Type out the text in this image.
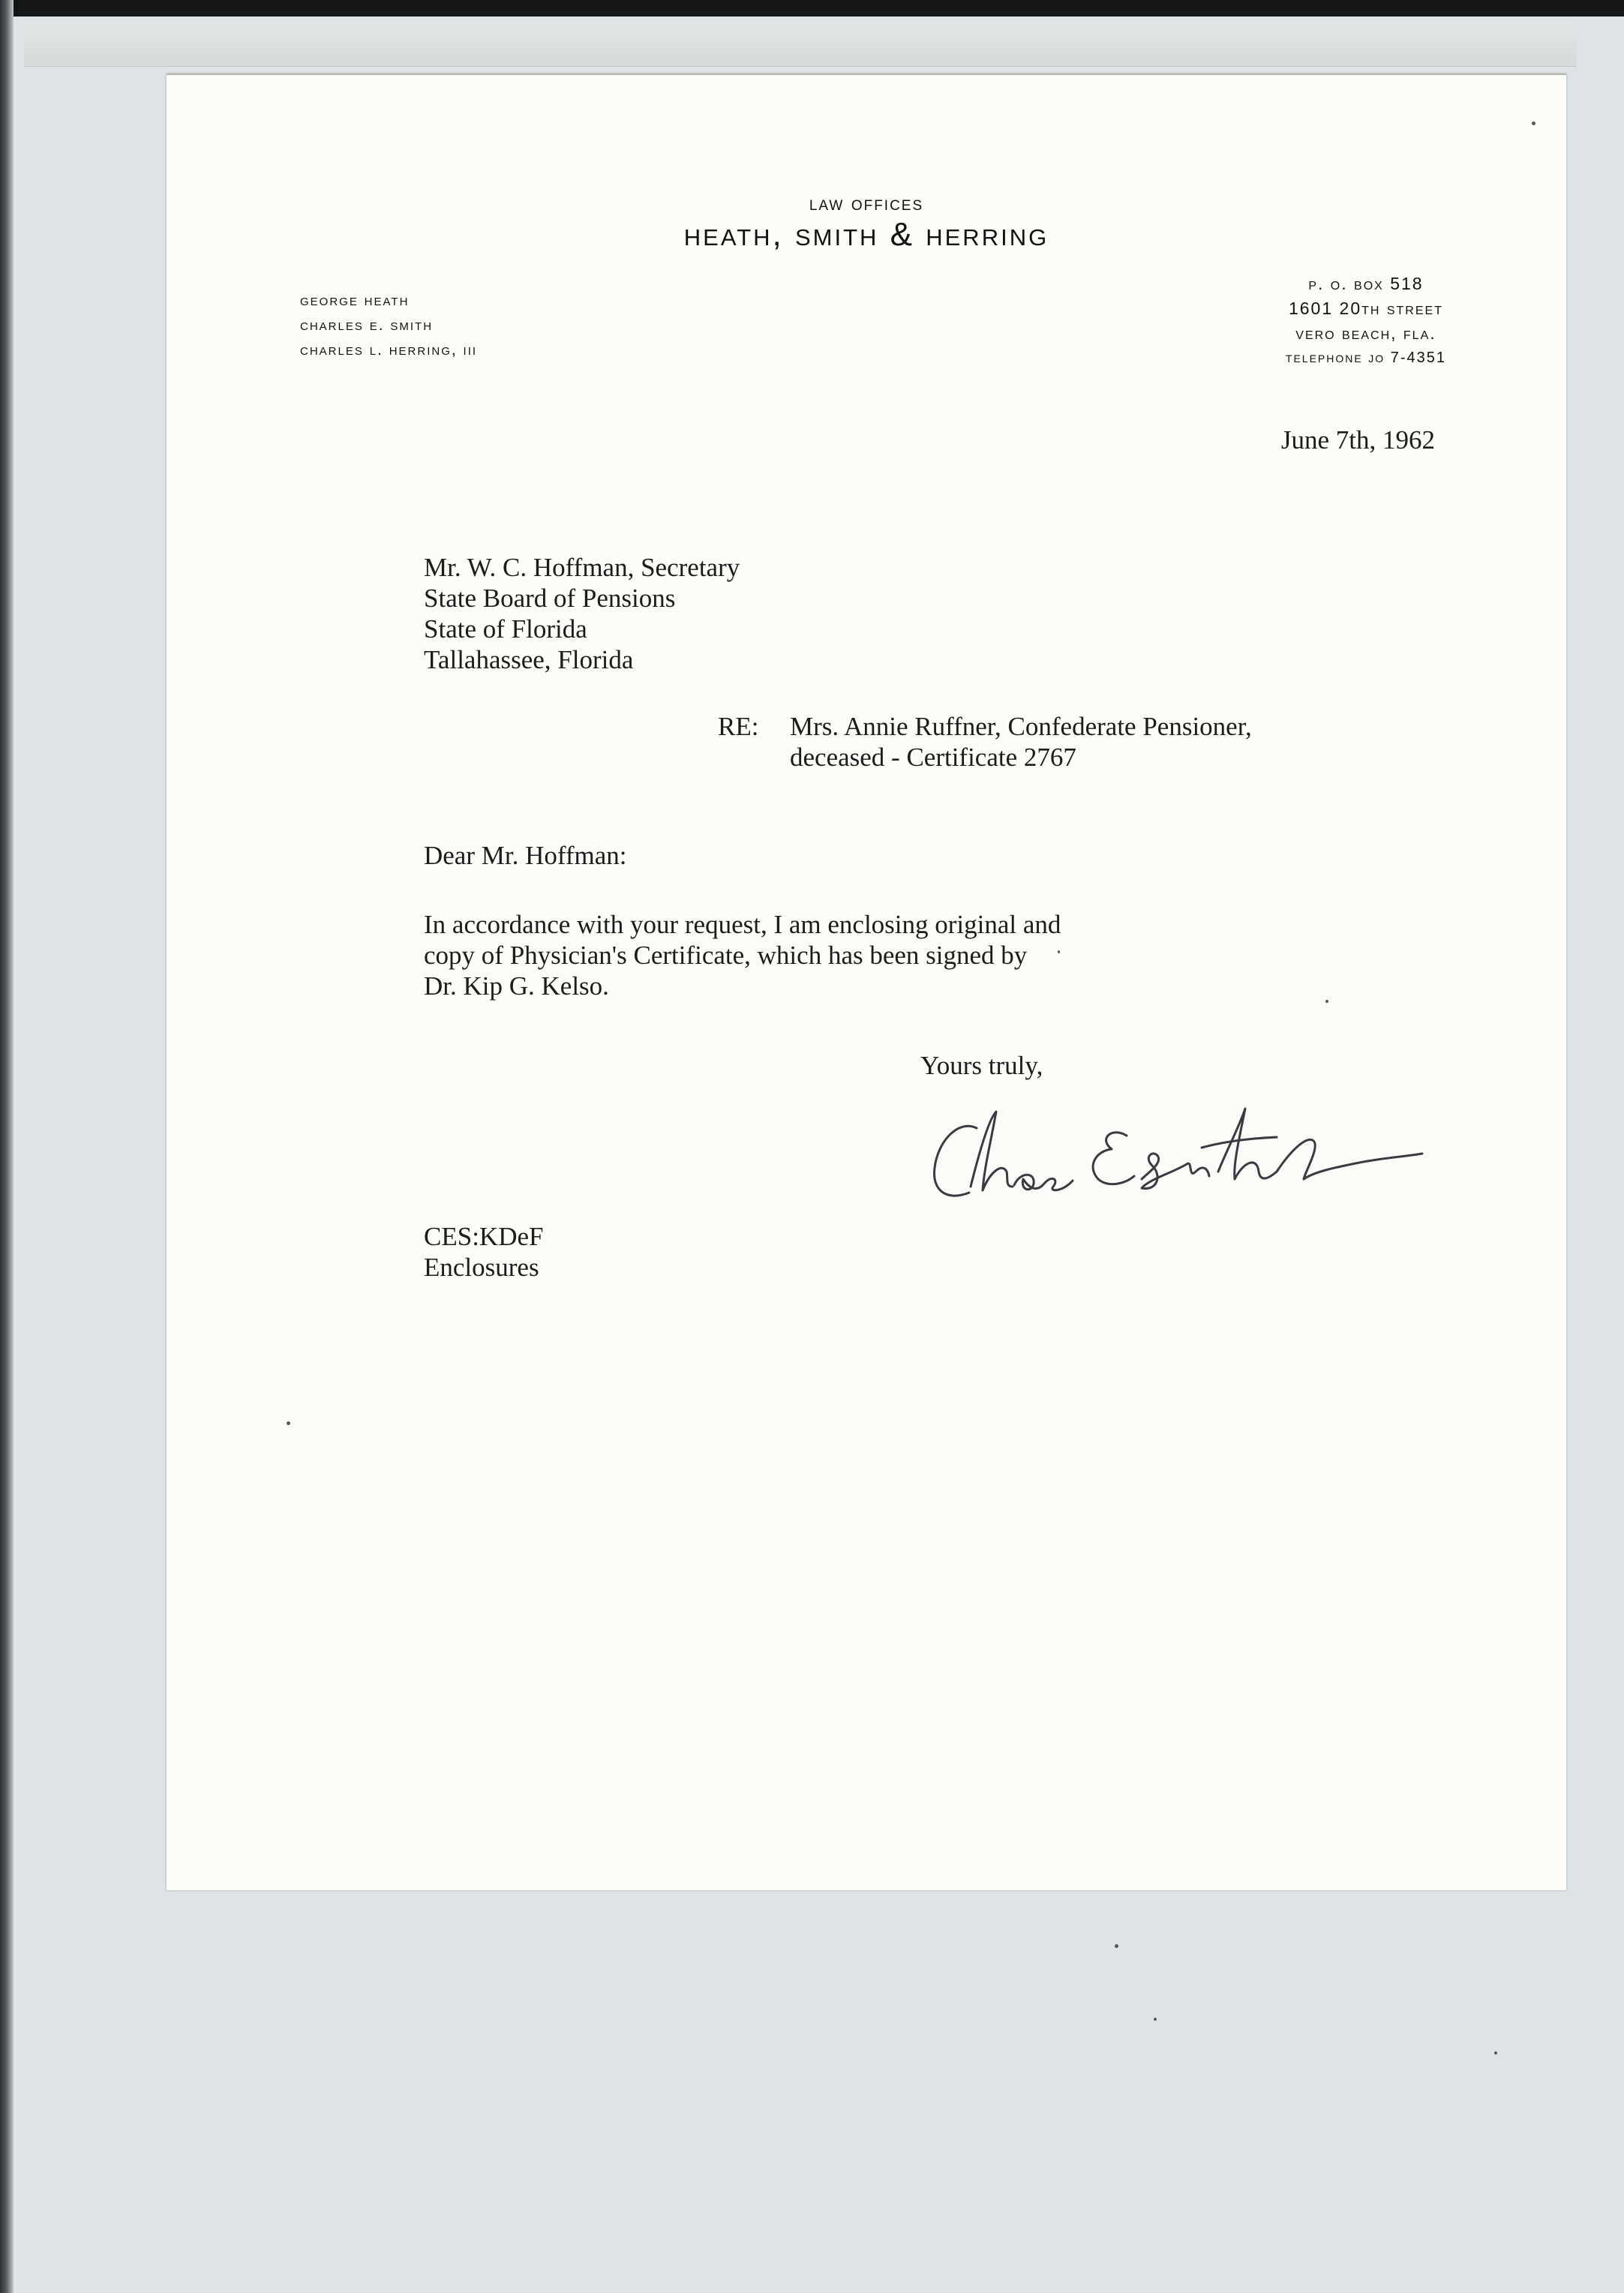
law offices
heath, smith & herring
george heath
charles e. smith
charles l. herring, iii
p. o. box 518
1601 20th street
vero beach, fla.
telephone jo 7-4351
June 7th, 1962
Mr. W. C. Hoffman, Secretary
State Board of Pensions
State of Florida
Tallahassee, Florida
RE: Mrs. Annie Ruffner, Confederate Pensioner,
deceased - Certificate 2767
Dear Mr. Hoffman:
In accordance with your request, I am enclosing original and
copy of Physician's Certificate, which has been signed by
Dr. Kip G. Kelso.
Yours truly,
CES:KDeF
Enclosures
